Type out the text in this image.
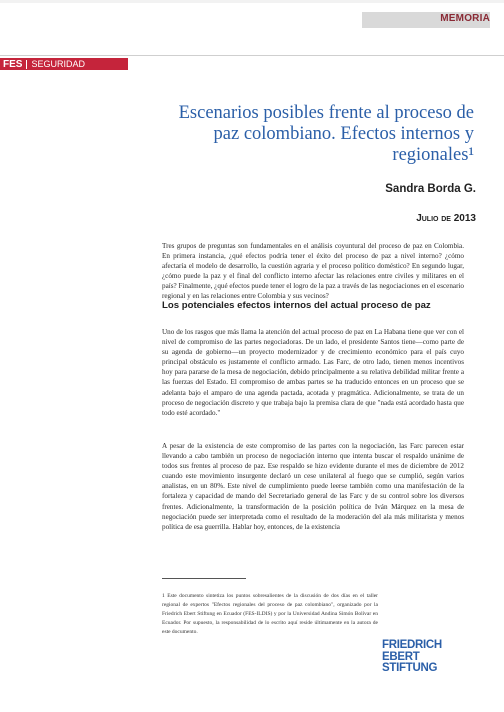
MEMORIA
FES SEGURIDAD
Escenarios posibles frente al proceso de paz colombiano. Efectos internos y regionales¹
Sandra Borda G.
Julio de 2013
Tres grupos de preguntas son fundamentales en el análisis coyuntural del proceso de paz en Colombia. En primera instancia, ¿qué efectos podría tener el éxito del proceso de paz a nivel interno? ¿cómo afectaría el modelo de desarrollo, la cuestión agraria y el proceso político doméstico? En segundo lugar, ¿cómo puede la paz y el final del conflicto interno afectar las relaciones entre civiles y militares en el país? Finalmente, ¿qué efectos puede tener el logro de la paz a través de las negociaciones en el escenario regional y en las relaciones entre Colombia y sus vecinos?
Los potenciales efectos internos del actual proceso de paz
Uno de los rasgos que más llama la atención del actual proceso de paz en La Habana tiene que ver con el nivel de compromiso de las partes negociadoras. De un lado, el presidente Santos tiene—como parte de su agenda de gobierno—un proyecto modernizador y de crecimiento económico para el país cuyo principal obstáculo es justamente el conflicto armado. Las Farc, de otro lado, tienen menos incentivos hoy para pararse de la mesa de negociación, debido principalmente a su relativa debilidad militar frente a las fuerzas del Estado. El compromiso de ambas partes se ha traducido entonces en un proceso que se adelanta bajo el amparo de una agenda pactada, acotada y pragmática. Adicionalmente, se trata de un proceso de negociación discreto y que trabaja bajo la premisa clara de que "nada está acordado hasta que todo esté acordado."
A pesar de la existencia de este compromiso de las partes con la negociación, las Farc parecen estar llevando a cabo también un proceso de negociación interno que intenta buscar el respaldo unánime de todos sus frentes al proceso de paz. Ese respaldo se hizo evidente durante el mes de diciembre de 2012 cuando este movimiento insurgente declaró un cese unilateral al fuego que se cumplió, según varios analistas, en un 80%. Este nivel de cumplimiento puede leerse también como una manifestación de la fortaleza y capacidad de mando del Secretariado general de las Farc y de su control sobre los diversos frentes. Adicionalmente, la transformación de la posición política de Iván Márquez en la mesa de negociación puede ser interpretada como el resultado de la moderación del ala más militarista y menos política de esa guerrilla. Hablar hoy, entonces, de la existencia
1 Este documento sintetiza los puntos sobresalientes de la discusión de dos días en el taller regional de expertos "Efectos regionales del proceso de paz colombiano", organizado por la Friedrich Ebert Stiftung en Ecuador (FES-ILDIS) y por la Universidad Andina Simón Bolívar en Ecuador. Por supuesto, la responsabilidad de lo escrito aquí reside últimamente en la autora de este documento.
FRIEDRICH
EBERT
STIFTUNG
